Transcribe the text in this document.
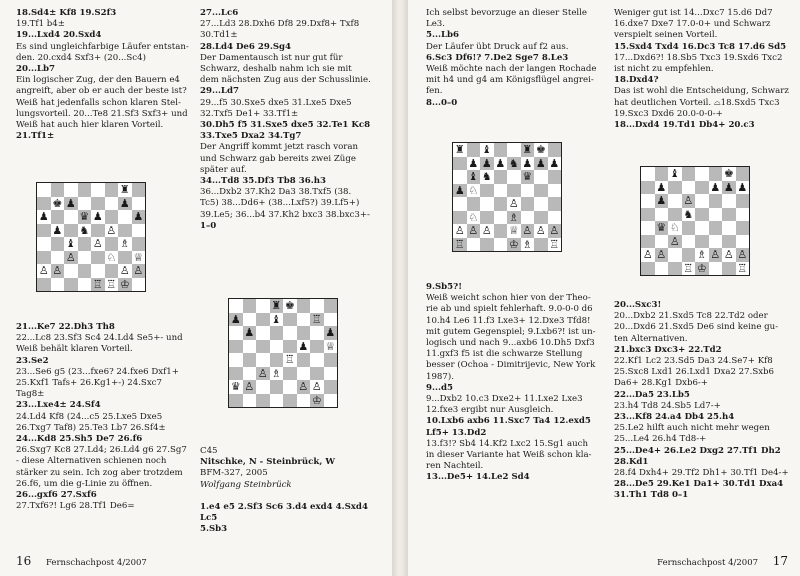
18.Sd4± Kf8 19.S2f3

19.Tf1 b4±

19...Lxd4 20.Sxd4

Es sind ungleichfarbige Läufer entstan-

den. 20.cxd4 Sxf3+ (20...Sc4)

20...Lb7

Ein logischer Zug, der den Bauern e4

angreift, aber ob er auch der beste ist?

Weiß hat jedenfalls schon klaren Stel-

lungsvorteil. 20...Te8 21.Sf3 Sxf3+ und

Weiß hat auch hier klaren Vorteil.

21.Tf1±

♜
♚ ♟	♟
♟	♛ ♟	♟
♟ ♞ ♙
♝ ♙ ♗
♙	♘ ♕
♙ ♙	♙ ♙
♖ ♖ ♔

21...Ke7 22.Dh3 Th8

22...Lc8 23.Sf3 Sc4 24.Ld4 Se5+- und

Weiß behält klaren Vorteil.

23.Se2

23...Se6 g5 (23...fxe6? 24.fxe6 Dxf1+

25.Kxf1 Tafs+ 26.Kg1+-) 24.Sxc7

Tag8±

23...Lxe4± 24.Sf4

24.Ld4 Kf8 (24...c5 25.Lxe5 Dxe5

26.Txg7 Taf8) 25.Te3 Lb7 26.Sf4±

24...Kd8 25.Sh5 De7 26.f6

26.Sxg7 Kc8 27.Ld4; 26.Ld4 g6 27.Sg7

- diese Alternativen schienen noch

stärker zu sein. Ich zog aber trotzdem

26.f6, um die g-Linie zu öffnen.

26...gxf6 27.Sxf6

27.Txf6?! Lg6 28.Tf1 De6=

27...Lc6

27...Ld3 28.Dxh6 Df8 29.Dxf8+ Txf8

30.Td1±

28.Ld4 De6 29.Sg4

Der Damentausch ist nur gut für

Schwarz, deshalb nahm ich sie mit

dem nächsten Zug aus der Schusslinie.

29...Ld7

29...f5 30.Sxe5 dxe5 31.Lxe5 Dxe5

32.Txf5 De1+ 33.Tf1±

30.Dh5 f5 31.Sxe5 dxe5 32.Te1 Kc8

33.Txe5 Dxa2 34.Tg7

Der Angriff kommt jetzt rasch voran

und Schwarz gab bereits zwei Züge

später auf.

34...Td8 35.Df3 Tb8 36.h3

36...Dxb2 37.Kh2 Da3 38.Txf5 (38.

Tc5) 38...Dd6+ (38...Lxf5?) 39.Lf5+)

39.Le5; 36...b4 37.Kh2 bxc3 38.bxc3+-

1–0

♜ ♚
♟	♝	♖
♟	♟
♟ ♕
♖
♙ ♗
♛ ♙	♙ ♙
♔

C45

Nitschke, N - Steinbrück, W

BFM-327, 2005

Wolfgang Steinbrück

1.e4 e5 2.Sf3 Sc6 3.d4 exd4 4.Sxd4 Lc5

5.Sb3

16 Fernschachpost 4/2007

Ich selbst bevorzuge an dieser Stelle

Le3.

5...Lb6

Der Läufer übt Druck auf f2 aus.

6.Sc3 Df6!? 7.De2 Sge7 8.Le3

Weiß möchte nach der langen Rochade

mit h4 und g4 am Königsflügel angrei-

fen.

8...0–0

♜ ♝	♜ ♚
♟ ♟ ♟ ♞ ♟ ♟ ♟
♝ ♞	♛
♟ ♘
♙
♘	♗
♙ ♙ ♙ ♕ ♙ ♙ ♙
♖	♔ ♗ ♖

9.Sb5?!

Weiß weicht schon hier von der Theo-

rie ab und spielt fehlerhaft. 9.0-0-0 d6

10.h4 Le6 11.f3 Lxe3+ 12.Dxe3 Tfd8!

mit gutem Gegenspiel; 9.Lxb6?! ist un-

logisch und nach 9...axb6 10.Dh5 Dxf3

11.gxf3 f5 ist die schwarze Stellung

besser (Ochoa - Dimitrijevic, New York

1987).

9...d5

9...Dxb2 10.c3 Dxe2+ 11.Lxe2 Lxe3

12.fxe3 ergibt nur Ausgleich.

10.Lxb6 axb6 11.Sxc7 Ta4 12.exd5

Lf5+ 13.Dd2

13.f3!? Sb4 14.Kf2 Lxc2 15.Sg1 auch

in dieser Variante hat Weiß schon kla-

ren Nachteil.

13...De5+ 14.Le2 Sd4

Weniger gut ist 14...Dxc7 15.d6 Dd7

16.dxe7 Dxe7 17.0-0+ und Schwarz

verspielt seinen Vorteil.

15.Sxd4 Txd4 16.Dc3 Tc8 17.d6 Sd5

17...Dxd6?! 18.Sb5 Txc3 19.Sxd6 Txc2

ist nicht zu empfehlen.

18.Dxd4?

Das ist wohl die Entscheidung, Schwarz

hat deutlichen Vorteil. ⌓18.Sxd5 Txc3

19.Sxc3 Dxd6 20.0-0-0-+

18...Dxd4 19.Td1 Db4+ 20.c3

♝	♚
♟	♟ ♟ ♟
♟ ♙
♞
♘
♛
♙
♙ ♙	♗ ♙ ♙ ♙
♖ ♔	♖

20...Sxc3!

20...Dxb2 21.Sxd5 Tc8 22.Td2 oder

20...Dxd6 21.Sxd5 De6 sind keine gu-

ten Alternativen.

21.bxc3 Dxc3+ 22.Td2

22.Kf1 Lc2 23.Sd5 Da3 24.Se7+ Kf8

25.Sxc8 Lxd1 26.Lxd1 Dxa2 27.Sxb6

Da6+ 28.Kg1 Dxb6-+

22...Da5 23.Lb5

23.h4 Td8 24.Sb5 Ld7-+

23...Kf8 24.a4 Db4 25.h4

25.Le2 hilft auch nicht mehr wegen

25...Le4 26.h4 Td8-+

25...De4+ 26.Le2 Dxg2 27.Tf1 Dh2

28.Kd1

28.f4 Dxh4+ 29.Tf2 Dh1+ 30.Tf1 De4-+

28...De5 29.Ke1 Da1+ 30.Td1 Dxa4

31.Th1 Td8 0–1

Fernschachpost 4/2007 17
